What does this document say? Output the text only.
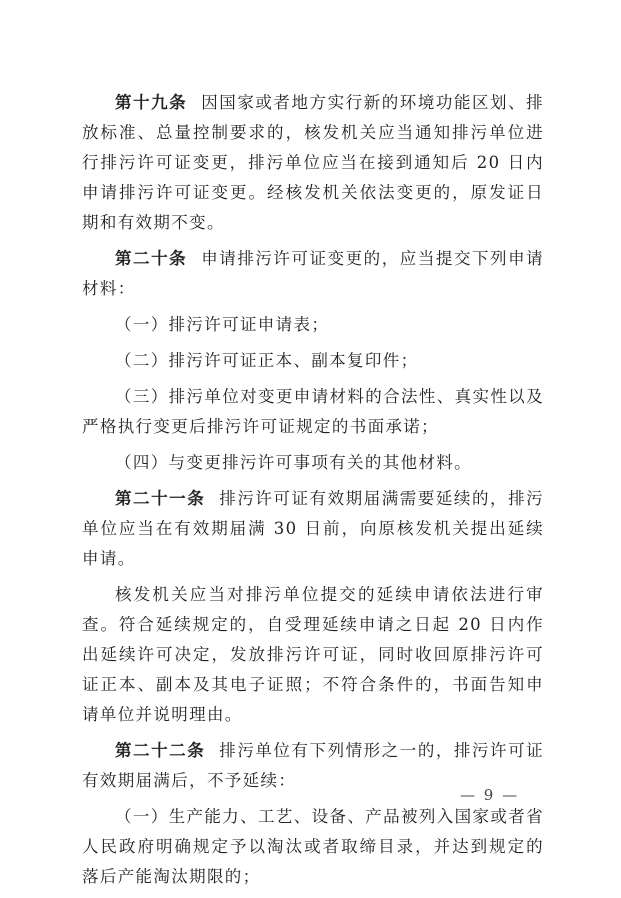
第十九条 因国家或者地方实行新的环境功能区划、排放标准、总量控制要求的，核发机关应当通知排污单位进行排污许可证变更，排污单位应当在接到通知后 20 日内申请排污许可证变更。经核发机关依法变更的，原发证日期和有效期不变。

第二十条 申请排污许可证变更的，应当提交下列申请材料：

（一）排污许可证申请表；

（二）排污许可证正本、副本复印件；

（三）排污单位对变更申请材料的合法性、真实性以及严格执行变更后排污许可证规定的书面承诺；

（四）与变更排污许可事项有关的其他材料。

第二十一条 排污许可证有效期届满需要延续的，排污单位应当在有效期届满 30 日前，向原核发机关提出延续申请。

核发机关应当对排污单位提交的延续申请依法进行审查。符合延续规定的，自受理延续申请之日起 20 日内作出延续许可决定，发放排污许可证，同时收回原排污许可证正本、副本及其电子证照；不符合条件的，书面告知申请单位并说明理由。

第二十二条 排污单位有下列情形之一的，排污许可证有效期届满后，不予延续：

（一）生产能力、工艺、设备、产品被列入国家或者省人民政府明确规定予以淘汰或者取缔目录，并达到规定的落后产能淘汰期限的；

— 9 —
